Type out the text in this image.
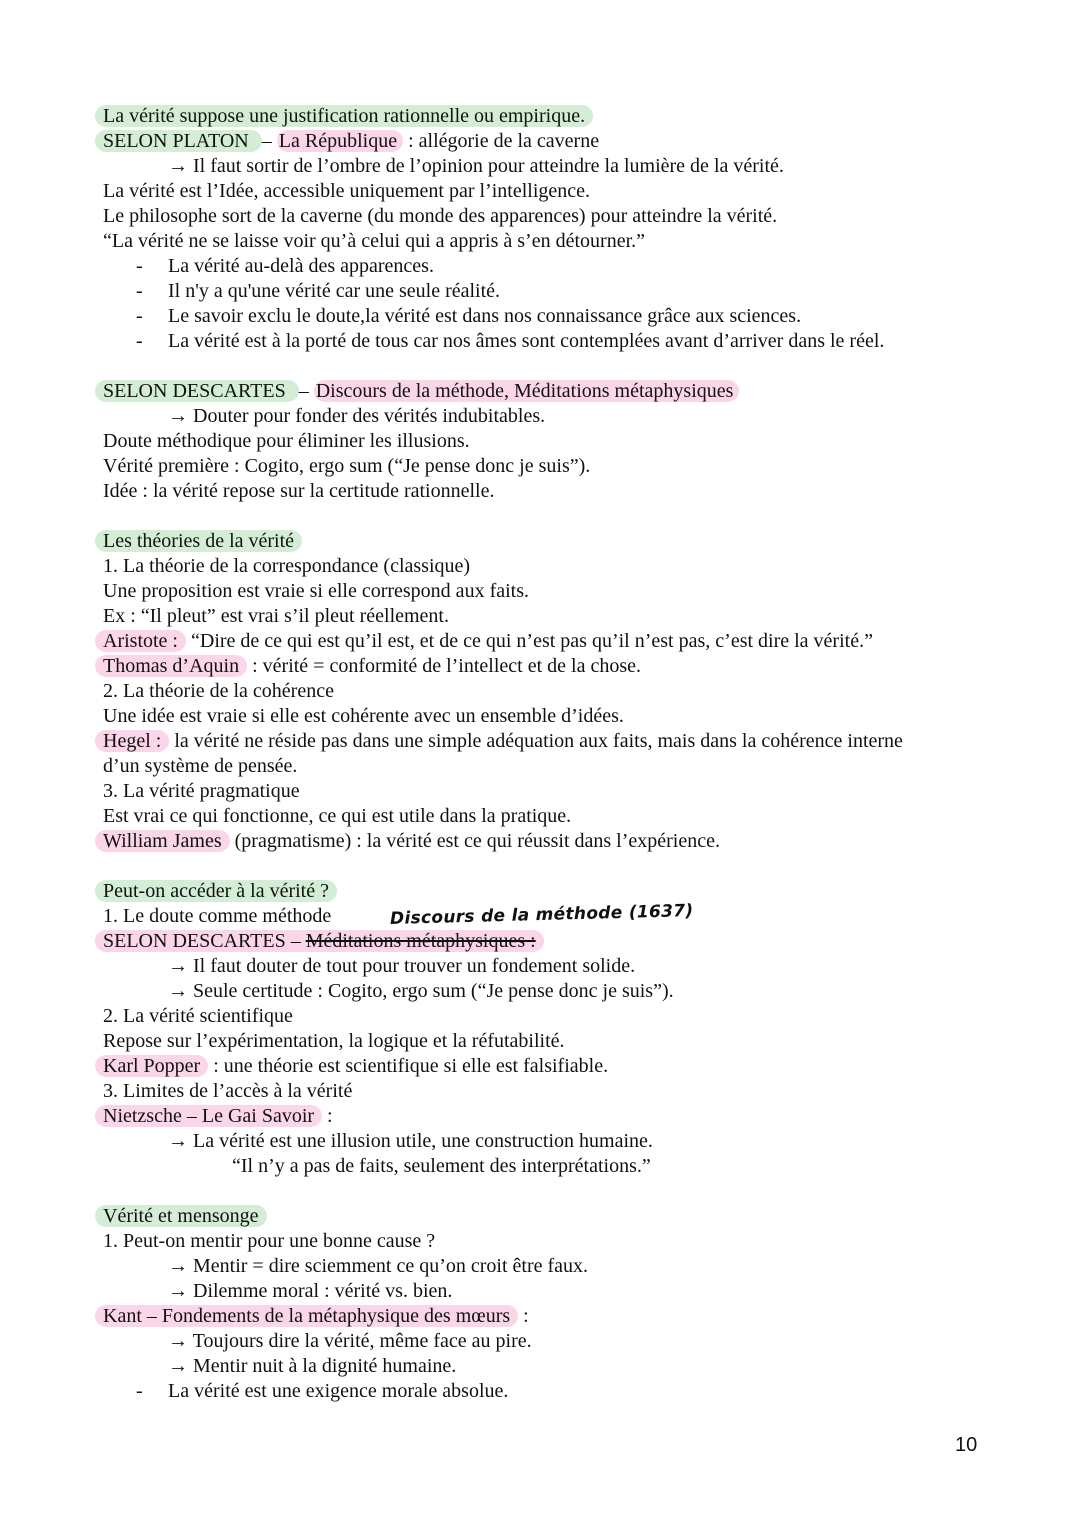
La vérité suppose une justification rationnelle ou empirique.
SELON PLATON – La République : allégorie de la caverne
→ Il faut sortir de l’ombre de l’opinion pour atteindre la lumière de la vérité.
La vérité est l’Idée, accessible uniquement par l’intelligence.
Le philosophe sort de la caverne (du monde des apparences) pour atteindre la vérité.
“La vérité ne se laisse voir qu’à celui qui a appris à s’en détourner.”
- La vérité au-delà des apparences.
- Il n'y a qu'une vérité car une seule réalité.
- Le savoir exclu le doute,la vérité est dans nos connaissance grâce aux sciences.
- La vérité est à la porté de tous car nos âmes sont contemplées avant d’arriver dans le réel.
SELON DESCARTES – Discours de la méthode, Méditations métaphysiques
→ Douter pour fonder des vérités indubitables.
Doute méthodique pour éliminer les illusions.
Vérité première : Cogito, ergo sum (“Je pense donc je suis”).
Idée : la vérité repose sur la certitude rationnelle.
Les théories de la vérité
1. La théorie de la correspondance (classique)
Une proposition est vraie si elle correspond aux faits.
Ex : “Il pleut” est vrai s’il pleut réellement.
Aristote : “Dire de ce qui est qu’il est, et de ce qui n’est pas qu’il n’est pas, c’est dire la vérité.”
Thomas d’Aquin : vérité = conformité de l’intellect et de la chose.
2. La théorie de la cohérence
Une idée est vraie si elle est cohérente avec un ensemble d’idées.
Hegel : la vérité ne réside pas dans une simple adéquation aux faits, mais dans la cohérence interne
d’un système de pensée.
3. La vérité pragmatique
Est vrai ce qui fonctionne, ce qui est utile dans la pratique.
William James (pragmatisme) : la vérité est ce qui réussit dans l’expérience.
Peut-on accéder à la vérité ?
1. Le doute comme méthode	Discours de la méthode (1637)
SELON DESCARTES – Méditations métaphysiques :
→ Il faut douter de tout pour trouver un fondement solide.
→ Seule certitude : Cogito, ergo sum (“Je pense donc je suis”).
2. La vérité scientifique
Repose sur l’expérimentation, la logique et la réfutabilité.
Karl Popper : une théorie est scientifique si elle est falsifiable.
3. Limites de l’accès à la vérité
Nietzsche – Le Gai Savoir :
→ La vérité est une illusion utile, une construction humaine.
“Il n’y a pas de faits, seulement des interprétations.”
Vérité et mensonge
1. Peut-on mentir pour une bonne cause ?
→ Mentir = dire sciemment ce qu’on croit être faux.
→ Dilemme moral : vérité vs. bien.
Kant – Fondements de la métaphysique des mœurs :
→ Toujours dire la vérité, même face au pire.
→ Mentir nuit à la dignité humaine.
- La vérité est une exigence morale absolue.
10
